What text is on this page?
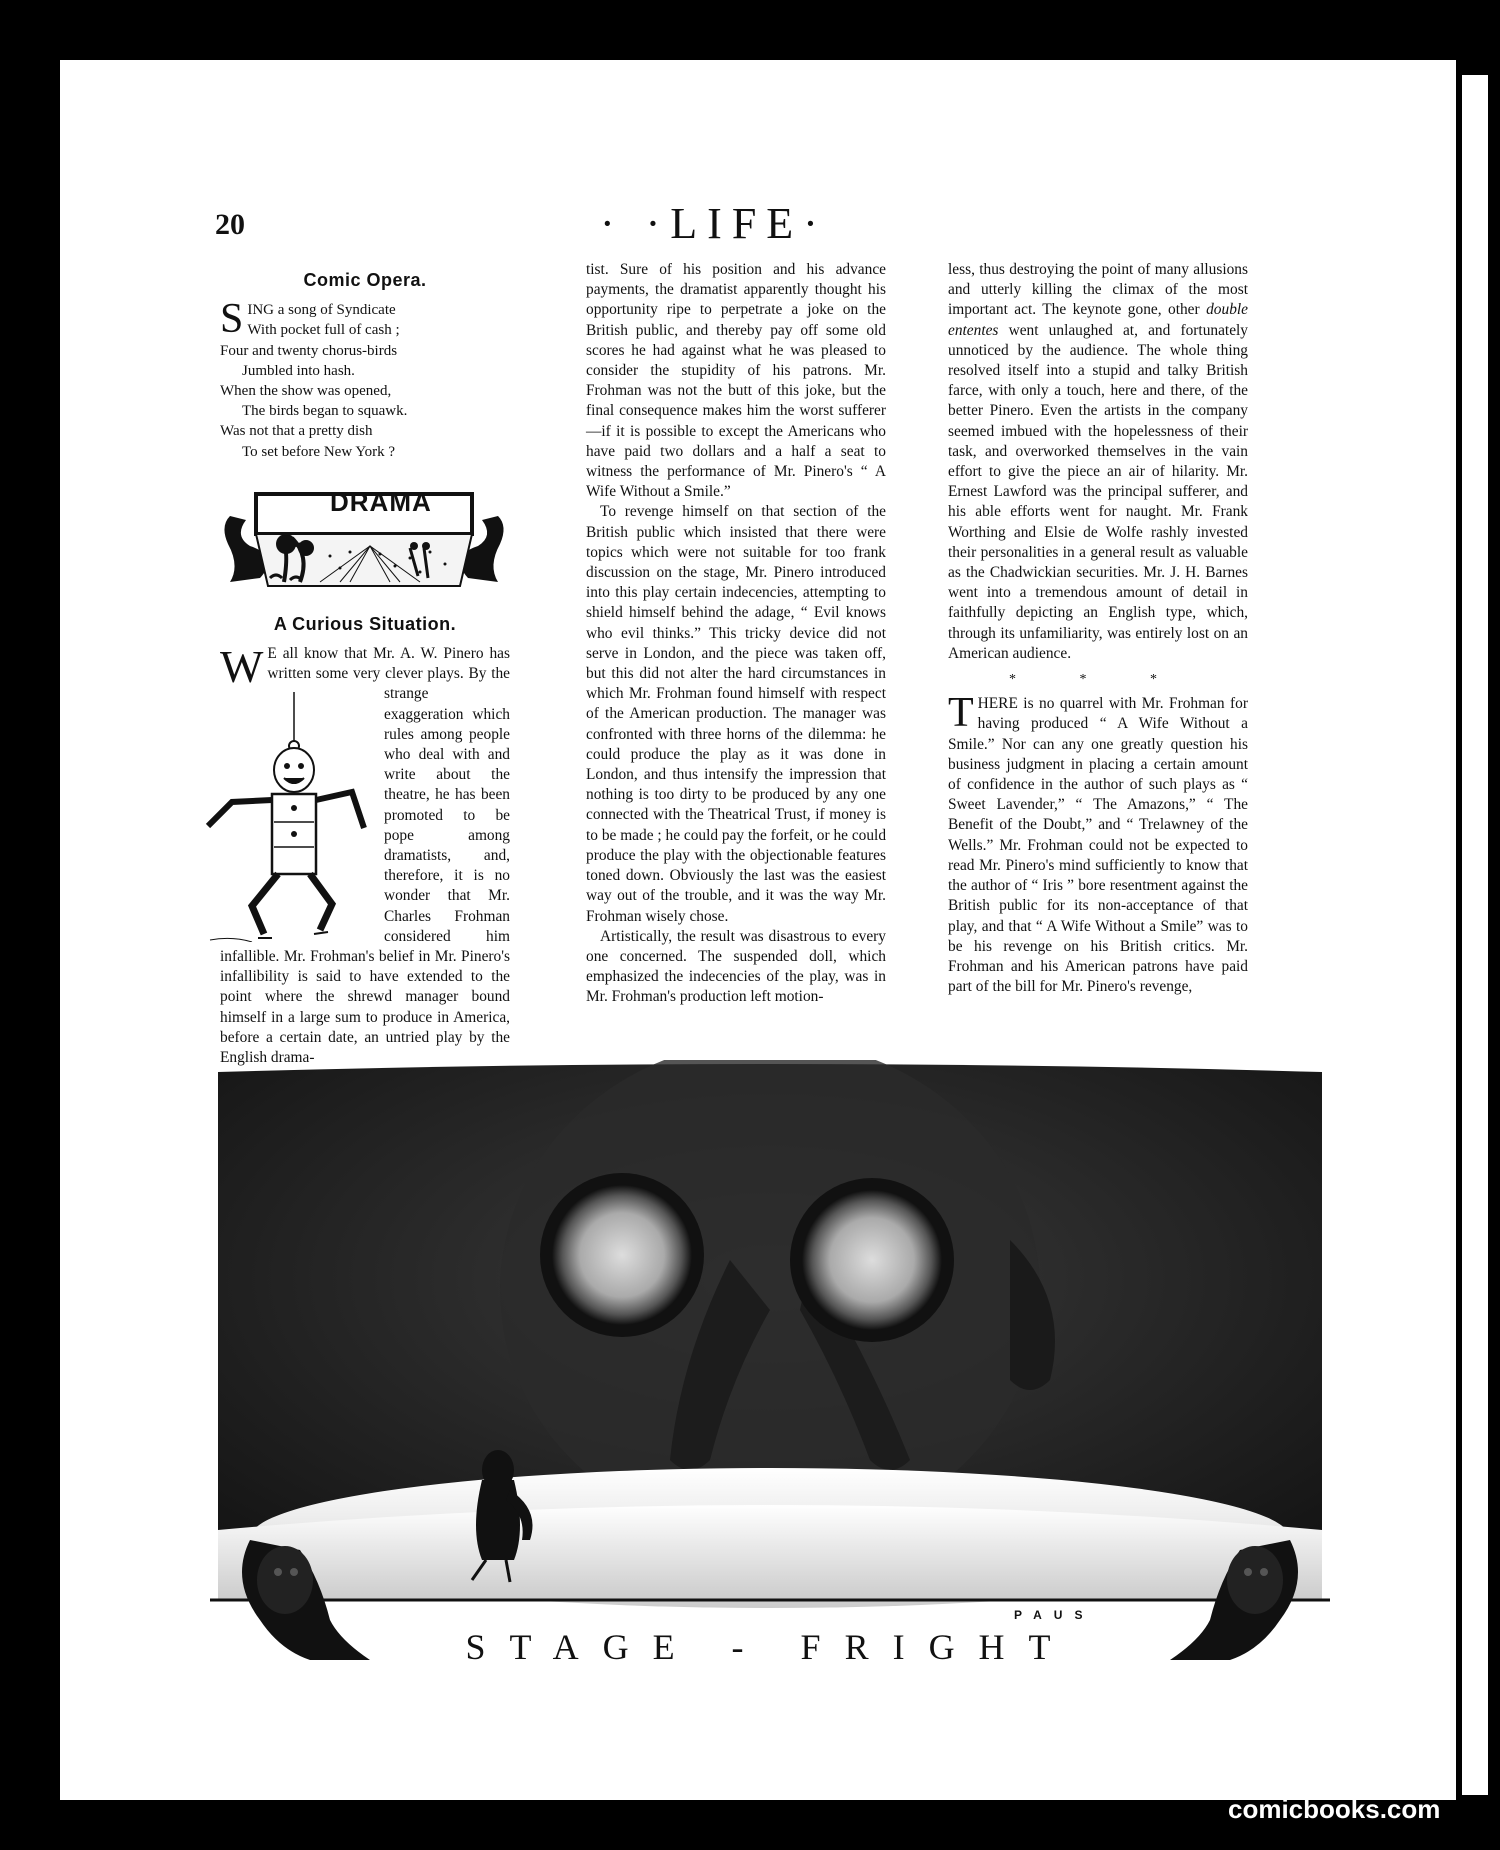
20	· ·LIFE·
Comic Opera.
S ING a song of Syndicate
With pocket full of cash ;
Four and twenty chorus-birds
Jumbled into hash.
When the show was opened,
The birds began to squawk.
Was not that a pretty dish
To set before New York ?
DRAMA
A Curious Situation.
W E all know that Mr. A. W. Pinero has written some very clever plays. By the strange exaggeration which rules among people who deal with and write about the theatre, he has been promoted to be pope among dramatists, and, therefore, it is no wonder that Mr. Charles Frohman considered him infallible. Mr. Frohman's belief in Mr. Pinero's infallibility is said to have extended to the point where the shrewd manager bound himself in a large sum to produce in America, before a certain date, an untried play by the English drama-

tist. Sure of his position and his advance payments, the dramatist apparently thought his opportunity ripe to perpetrate a joke on the British public, and thereby pay off some old scores he had against what he was pleased to consider the stupidity of his patrons. Mr. Frohman was not the butt of this joke, but the final consequence makes him the worst sufferer—if it is possible to except the Americans who have paid two dollars and a half a seat to witness the performance of Mr. Pinero's “ A Wife Without a Smile.”

To revenge himself on that section of the British public which insisted that there were topics which were not suitable for too frank discussion on the stage, Mr. Pinero introduced into this play certain indecencies, attempting to shield himself behind the adage, “ Evil knows who evil thinks.” This tricky device did not serve in London, and the piece was taken off, but this did not alter the hard circumstances in which Mr. Frohman found himself with respect of the American production. The manager was confronted with three horns of the dilemma: he could produce the play as it was done in London, and thus intensify the impression that nothing is too dirty to be produced by any one connected with the Theatrical Trust, if money is to be made ; he could pay the forfeit, or he could produce the play with the objectionable features toned down. Obviously the last was the easiest way out of the trouble, and it was the way Mr. Frohman wisely chose.

Artistically, the result was disastrous to every one concerned. The suspended doll, which emphasized the indecencies of the play, was in Mr. Frohman's production left motion-

less, thus destroying the point of many allusions and utterly killing the climax of the most important act. The keynote gone, other double ententes went unlaughed at, and fortunately unnoticed by the audience. The whole thing resolved itself into a stupid and talky British farce, with only a touch, here and there, of the better Pinero. Even the artists in the company seemed imbued with the hopelessness of their task, and overworked themselves in the vain effort to give the piece an air of hilarity. Mr. Ernest Lawford was the principal sufferer, and his able efforts went for naught. Mr. Frank Worthing and Elsie de Wolfe rashly invested their personalities in a general result as valuable as the Chadwickian securities. Mr. J. H. Barnes went into a tremendous amount of detail in faithfully depicting an English type, which, through its unfamiliarity, was entirely lost on an American audience.

* * *

THERE is no quarrel with Mr. Frohman for having produced “ A Wife Without a Smile.” Nor can any one greatly question his business judgment in placing a certain amount of confidence in the author of such plays as “ Sweet Lavender,” “ The Amazons,” “ The Benefit of the Doubt,” and “ Trelawney of the Wells.” Mr. Frohman could not be expected to read Mr. Pinero's mind sufficiently to know that the author of “ Iris ” bore resentment against the British public for its non-acceptance of that play, and that “ A Wife Without a Smile” was to be his revenge on his British critics. Mr. Frohman and his American patrons have paid part of the bill for Mr. Pinero's revenge,

PAUS
STAGE - FRIGHT
comicbooks.com
